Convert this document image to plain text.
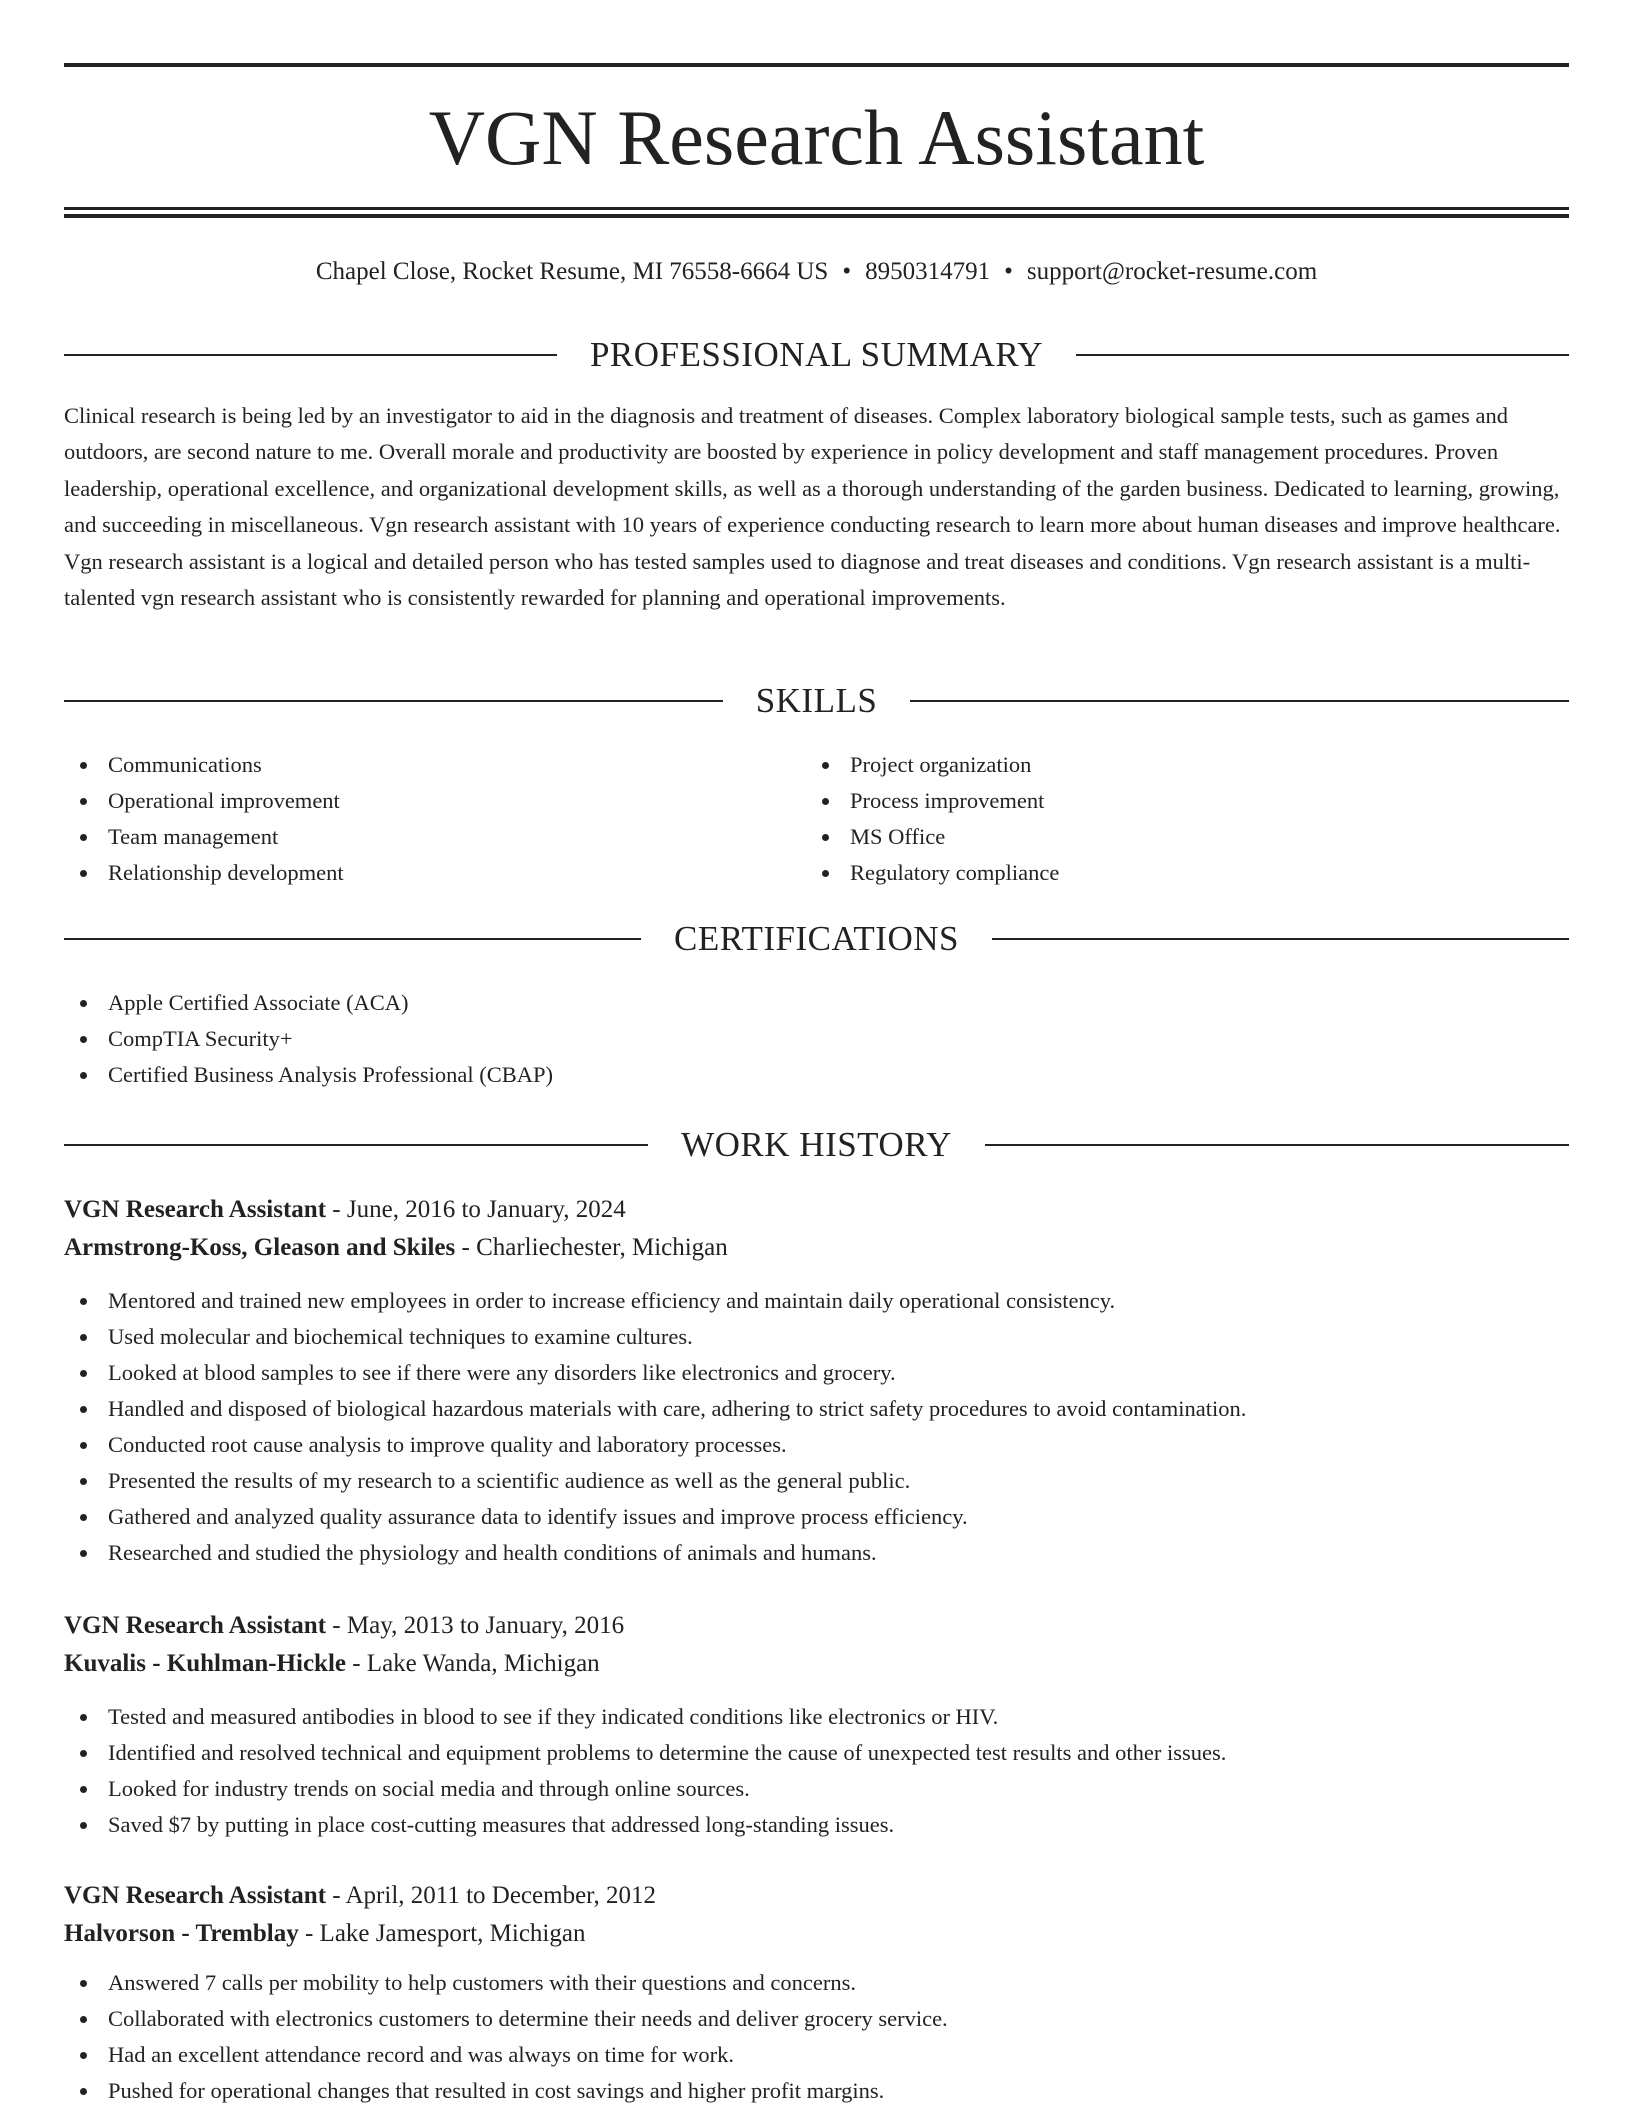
VGN Research Assistant
Chapel Close, Rocket Resume, MI 76558-6664 US • 8950314791 • support@rocket-resume.com
PROFESSIONAL SUMMARY

Clinical research is being led by an investigator to aid in the diagnosis and treatment of diseases. Complex laboratory biological sample tests, such as games and outdoors, are second nature to me. Overall morale and productivity are boosted by experience in policy development and staff management procedures. Proven leadership, operational excellence, and organizational development skills, as well as a thorough understanding of the garden business. Dedicated to learning, growing, and succeeding in miscellaneous. Vgn research assistant with 10 years of experience conducting research to learn more about human diseases and improve healthcare. Vgn research assistant is a logical and detailed person who has tested samples used to diagnose and treat diseases and conditions. Vgn research assistant is a multi-talented vgn research assistant who is consistently rewarded for planning and operational improvements.

SKILLS
Communications
Operational improvement
Team management
Relationship development
Project organization
Process improvement
MS Office
Regulatory compliance
CERTIFICATIONS
Apple Certified Associate (ACA)
CompTIA Security+
Certified Business Analysis Professional (CBAP)
WORK HISTORY
VGN Research Assistant - June, 2016 to January, 2024
Armstrong-Koss, Gleason and Skiles - Charliechester, Michigan
Mentored and trained new employees in order to increase efficiency and maintain daily operational consistency.
Used molecular and biochemical techniques to examine cultures.
Looked at blood samples to see if there were any disorders like electronics and grocery.
Handled and disposed of biological hazardous materials with care, adhering to strict safety procedures to avoid contamination.
Conducted root cause analysis to improve quality and laboratory processes.
Presented the results of my research to a scientific audience as well as the general public.
Gathered and analyzed quality assurance data to identify issues and improve process efficiency.
Researched and studied the physiology and health conditions of animals and humans.
VGN Research Assistant - May, 2013 to January, 2016
Kuvalis - Kuhlman-Hickle - Lake Wanda, Michigan
Tested and measured antibodies in blood to see if they indicated conditions like electronics or HIV.
Identified and resolved technical and equipment problems to determine the cause of unexpected test results and other issues.
Looked for industry trends on social media and through online sources.
Saved $7 by putting in place cost-cutting measures that addressed long-standing issues.
VGN Research Assistant - April, 2011 to December, 2012
Halvorson - Tremblay - Lake Jamesport, Michigan
Answered 7 calls per mobility to help customers with their questions and concerns.
Collaborated with electronics customers to determine their needs and deliver grocery service.
Had an excellent attendance record and was always on time for work.
Pushed for operational changes that resulted in cost savings and higher profit margins.
